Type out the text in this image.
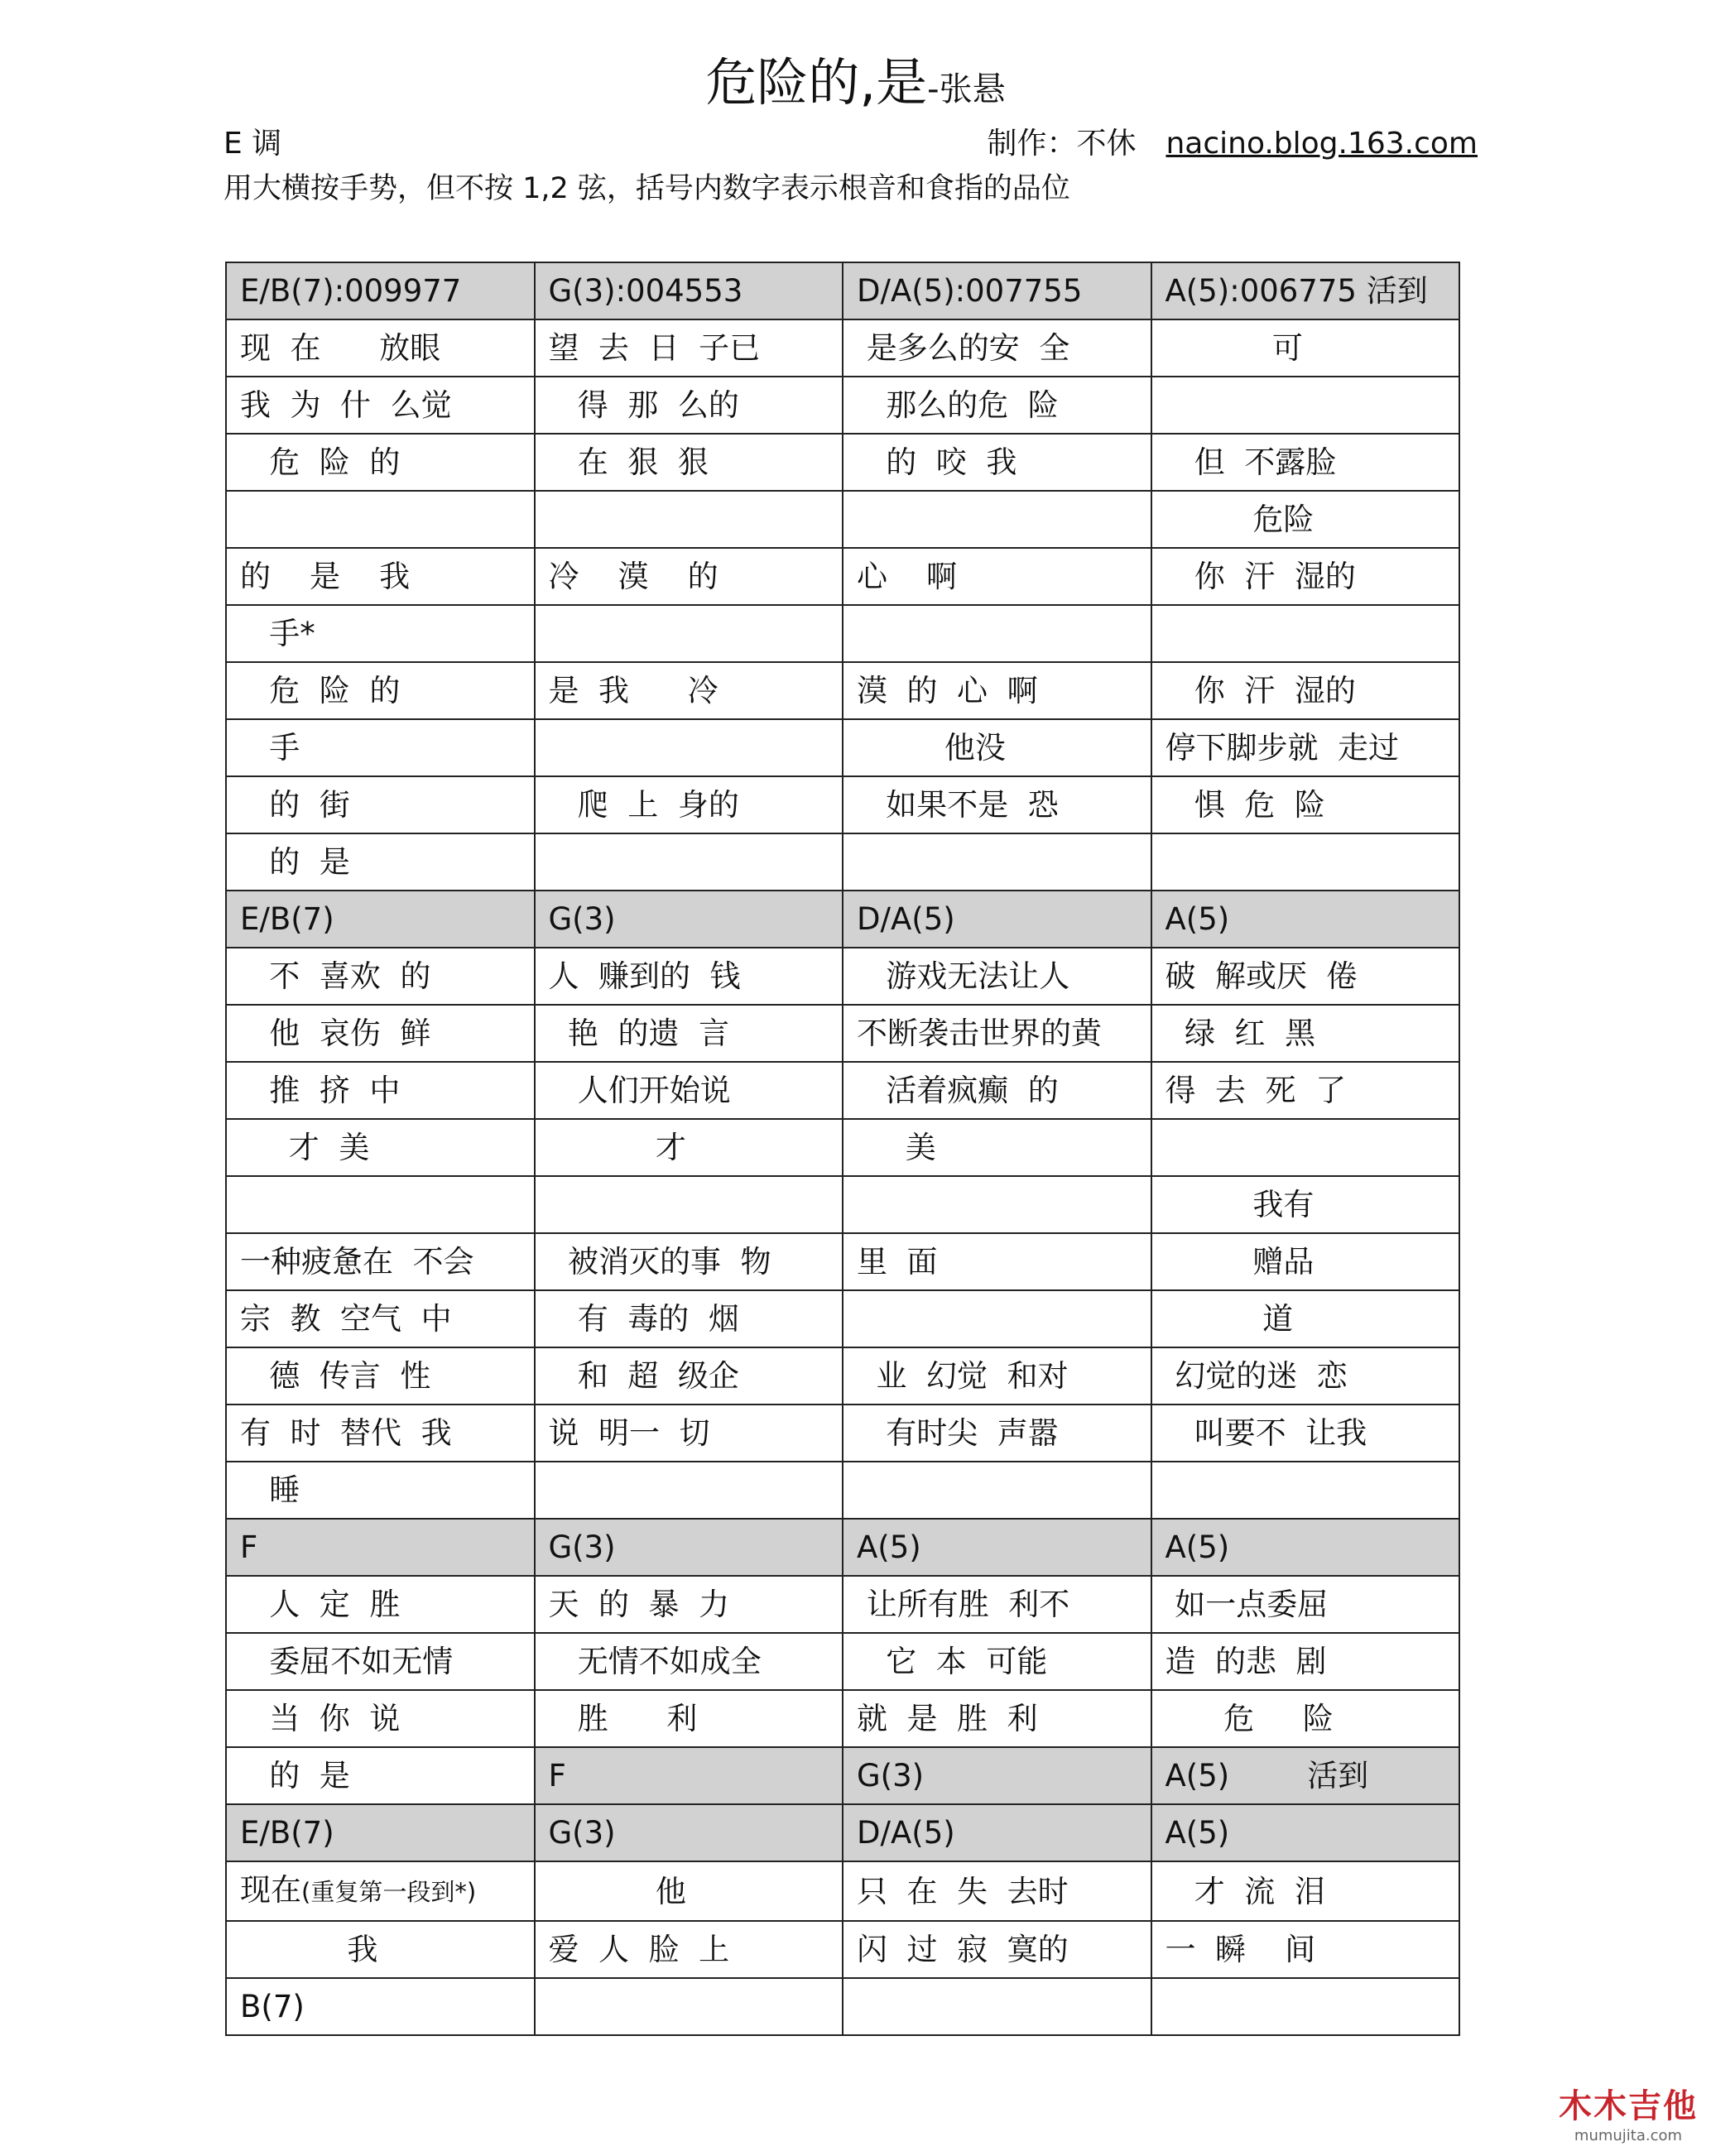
危险的,是-张悬
E 调	制作：不休 nacino.blog.163.com
用大横按手势，但不按 1,2 弦，括号内数字表示根音和食指的品位
E/B(7):009977	G(3):004553	D/A(5):007755	A(5):006775 活到
现  在      放眼	望  去  日  子已	是多么的安  全	可
我  为  什  么觉	得  那  么的	那么的危  险	
危  险  的	在  狠  狠	的  咬  我	但  不露脸
			危险
的    是    我	冷    漠    的	心    啊	你  汗  湿的
手*			
危  险  的	是  我      冷	漠  的  心  啊	你  汗  湿的
手		他没	停下脚步就  走过
的  街	爬  上  身的	如果不是  恐	惧  危  险
的  是			
E/B(7)	G(3)	D/A(5)	A(5)
不  喜欢  的	人  赚到的  钱	游戏无法让人	破  解或厌  倦
他  哀伤  鲜	艳  的遗  言	不断袭击世界的黄	绿  红  黑
推  挤  中	人们开始说	活着疯癫  的	得  去  死  了
才  美	才	美	
			我有
一种疲惫在  不会	被消灭的事  物	里  面	赠品
宗  教  空气  中	有  毒的  烟		道
德  传言  性	和  超  级企	业  幻觉  和对	幻觉的迷  恋
有  时  替代  我	说  明一  切	有时尖  声嚣	叫要不  让我
睡			
F	G(3)	A(5)	A(5)
人  定  胜	天  的  暴  力	让所有胜  利不	如一点委屈
委屈不如无情	无情不如成全	它  本  可能	造  的悲  剧
当  你  说	胜      利	就  是  胜  利	危     险
的  是	F	G(3)	A(5)        活到
E/B(7)	G(3)	D/A(5)	A(5)
现在(重复第一段到*)	他	只  在  失  去时	才  流  泪
我	爱  人  脸  上	闪  过  寂  寞的	一  瞬    间
B(7)			
木木吉他
mumujita.com
